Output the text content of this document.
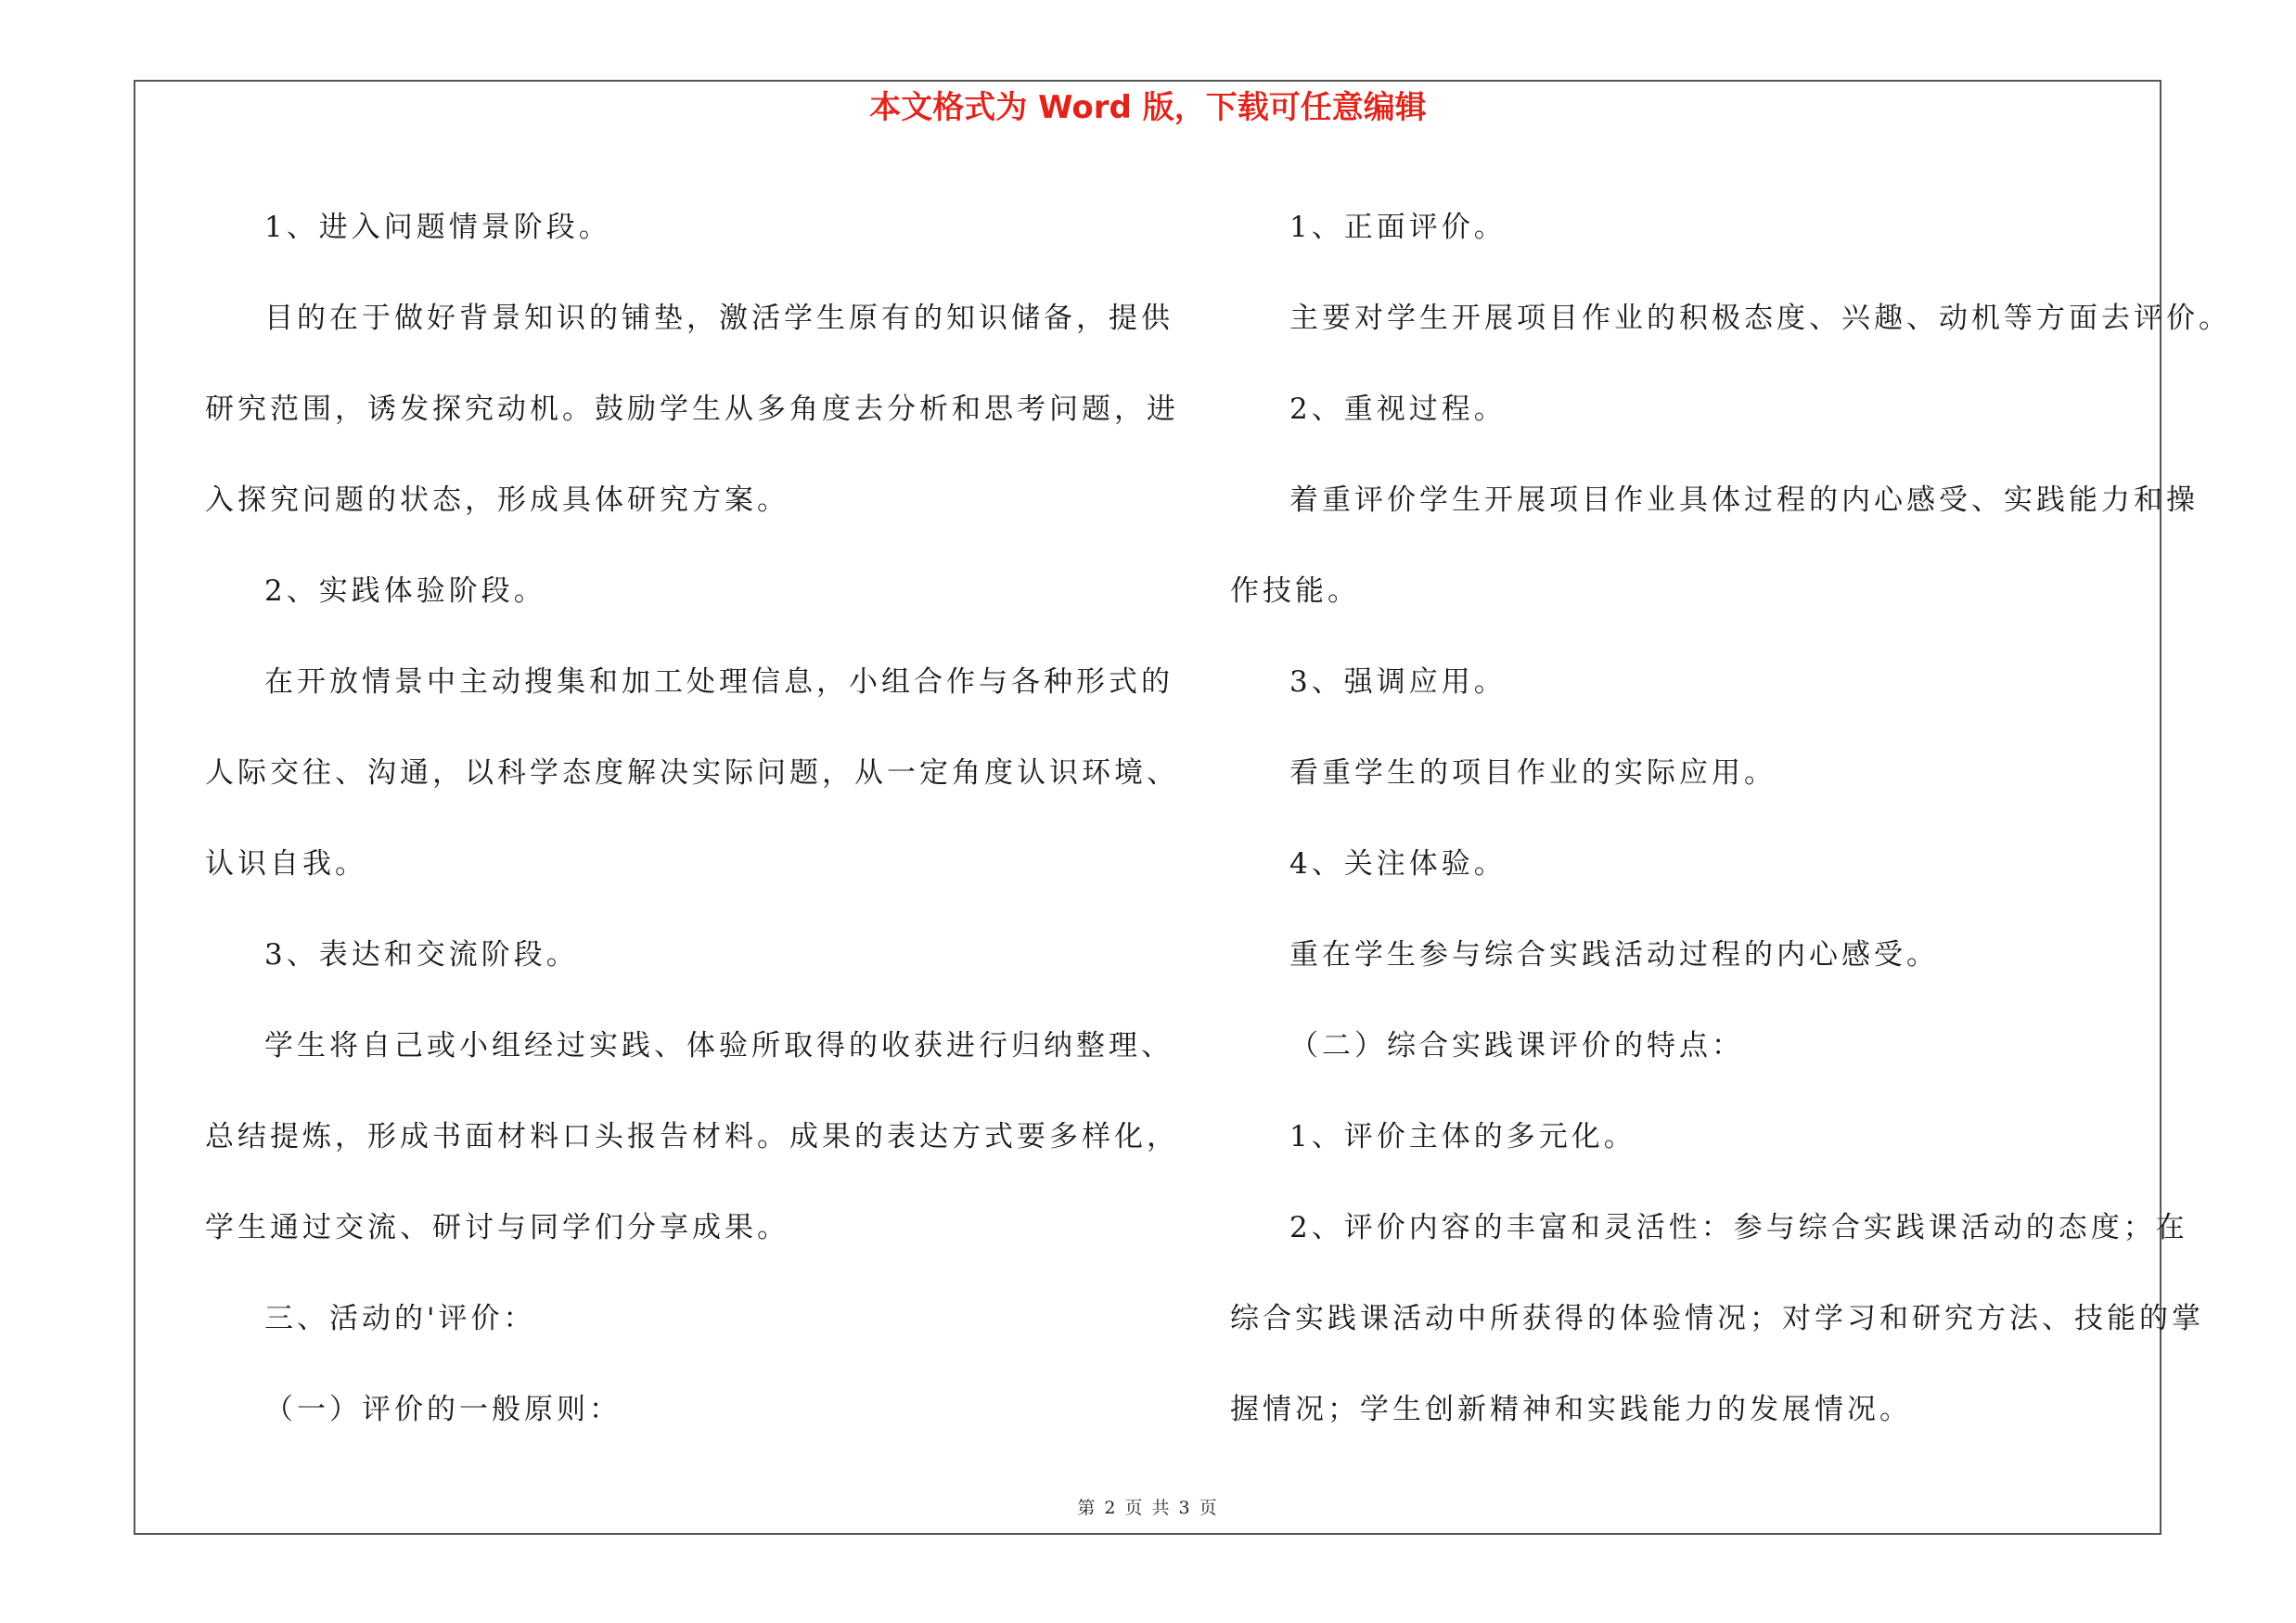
本文格式为 Word 版，下载可任意编辑
1、进入问题情景阶段。
目的在于做好背景知识的铺垫，激活学生原有的知识储备，提供
研究范围，诱发探究动机。鼓励学生从多角度去分析和思考问题，进
入探究问题的状态，形成具体研究方案。
2、实践体验阶段。
在开放情景中主动搜集和加工处理信息，小组合作与各种形式的
人际交往、沟通，以科学态度解决实际问题，从一定角度认识环境、
认识自我。
3、表达和交流阶段。
学生将自己或小组经过实践、体验所取得的收获进行归纳整理、
总结提炼，形成书面材料口头报告材料。成果的表达方式要多样化，
学生通过交流、研讨与同学们分享成果。
三、活动的'评价：
（一）评价的一般原则：
1、正面评价。
主要对学生开展项目作业的积极态度、兴趣、动机等方面去评价。
2、重视过程。
着重评价学生开展项目作业具体过程的内心感受、实践能力和操
作技能。
3、强调应用。
看重学生的项目作业的实际应用。
4、关注体验。
重在学生参与综合实践活动过程的内心感受。
（二）综合实践课评价的特点：
1、评价主体的多元化。
2、评价内容的丰富和灵活性：参与综合实践课活动的态度；在
综合实践课活动中所获得的体验情况；对学习和研究方法、技能的掌
握情况；学生创新精神和实践能力的发展情况。
第 2 页 共 3 页
